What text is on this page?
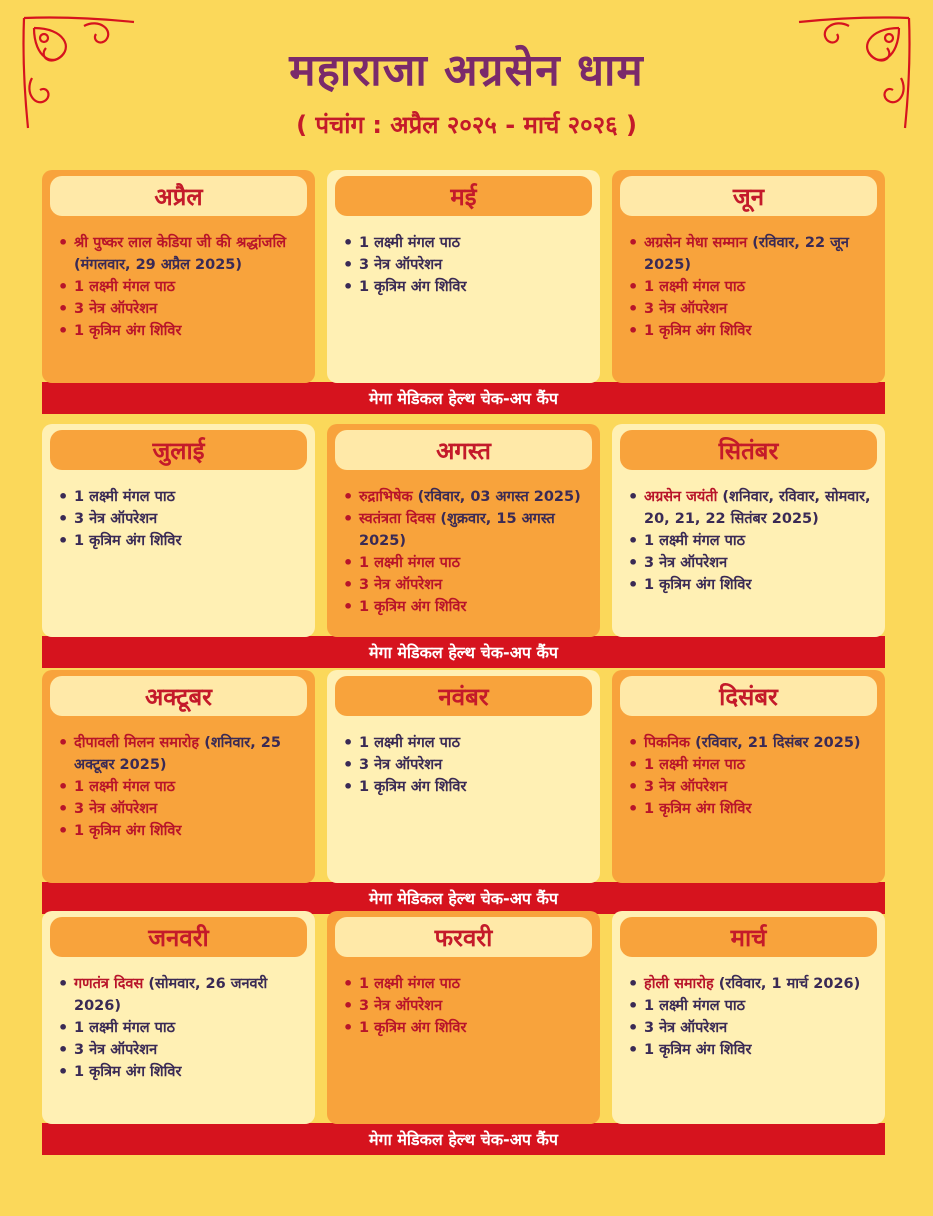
महाराजा अग्रसेन धाम
( पंचांग : अप्रैल २०२५ - मार्च २०२६ )
अप्रैल
• श्री पुष्कर लाल केडिया जी की श्रद्धांजलि (मंगलवार, 29 अप्रैल 2025)
• 1 लक्ष्मी मंगल पाठ
• 3 नेत्र ऑपरेशन
• 1 कृत्रिम अंग शिविर
मई
• 1 लक्ष्मी मंगल पाठ
• 3 नेत्र ऑपरेशन
• 1 कृत्रिम अंग शिविर
जून
• अग्रसेन मेधा सम्मान (रविवार, 22 जून 2025)
• 1 लक्ष्मी मंगल पाठ
• 3 नेत्र ऑपरेशन
• 1 कृत्रिम अंग शिविर
मेगा मेडिकल हेल्थ चेक-अप कैंप
जुलाई
• 1 लक्ष्मी मंगल पाठ
• 3 नेत्र ऑपरेशन
• 1 कृत्रिम अंग शिविर
अगस्त
• रुद्राभिषेक (रविवार, 03 अगस्त 2025)
• स्वतंत्रता दिवस (शुक्रवार, 15 अगस्त 2025)
• 1 लक्ष्मी मंगल पाठ
• 3 नेत्र ऑपरेशन
• 1 कृत्रिम अंग शिविर
सितंबर
• अग्रसेन जयंती (शनिवार, रविवार, सोमवार, 20, 21, 22 सितंबर 2025)
• 1 लक्ष्मी मंगल पाठ
• 3 नेत्र ऑपरेशन
• 1 कृत्रिम अंग शिविर
मेगा मेडिकल हेल्थ चेक-अप कैंप
अक्टूबर
• दीपावली मिलन समारोह (शनिवार, 25 अक्टूबर 2025)
• 1 लक्ष्मी मंगल पाठ
• 3 नेत्र ऑपरेशन
• 1 कृत्रिम अंग शिविर
नवंबर
• 1 लक्ष्मी मंगल पाठ
• 3 नेत्र ऑपरेशन
• 1 कृत्रिम अंग शिविर
दिसंबर
• पिकनिक (रविवार, 21 दिसंबर 2025)
• 1 लक्ष्मी मंगल पाठ
• 3 नेत्र ऑपरेशन
• 1 कृत्रिम अंग शिविर
मेगा मेडिकल हेल्थ चेक-अप कैंप
जनवरी
• गणतंत्र दिवस (सोमवार, 26 जनवरी 2026)
• 1 लक्ष्मी मंगल पाठ
• 3 नेत्र ऑपरेशन
• 1 कृत्रिम अंग शिविर
फरवरी
• 1 लक्ष्मी मंगल पाठ
• 3 नेत्र ऑपरेशन
• 1 कृत्रिम अंग शिविर
मार्च
• होली समारोह (रविवार, 1 मार्च 2026)
• 1 लक्ष्मी मंगल पाठ
• 3 नेत्र ऑपरेशन
• 1 कृत्रिम अंग शिविर
मेगा मेडिकल हेल्थ चेक-अप कैंप
